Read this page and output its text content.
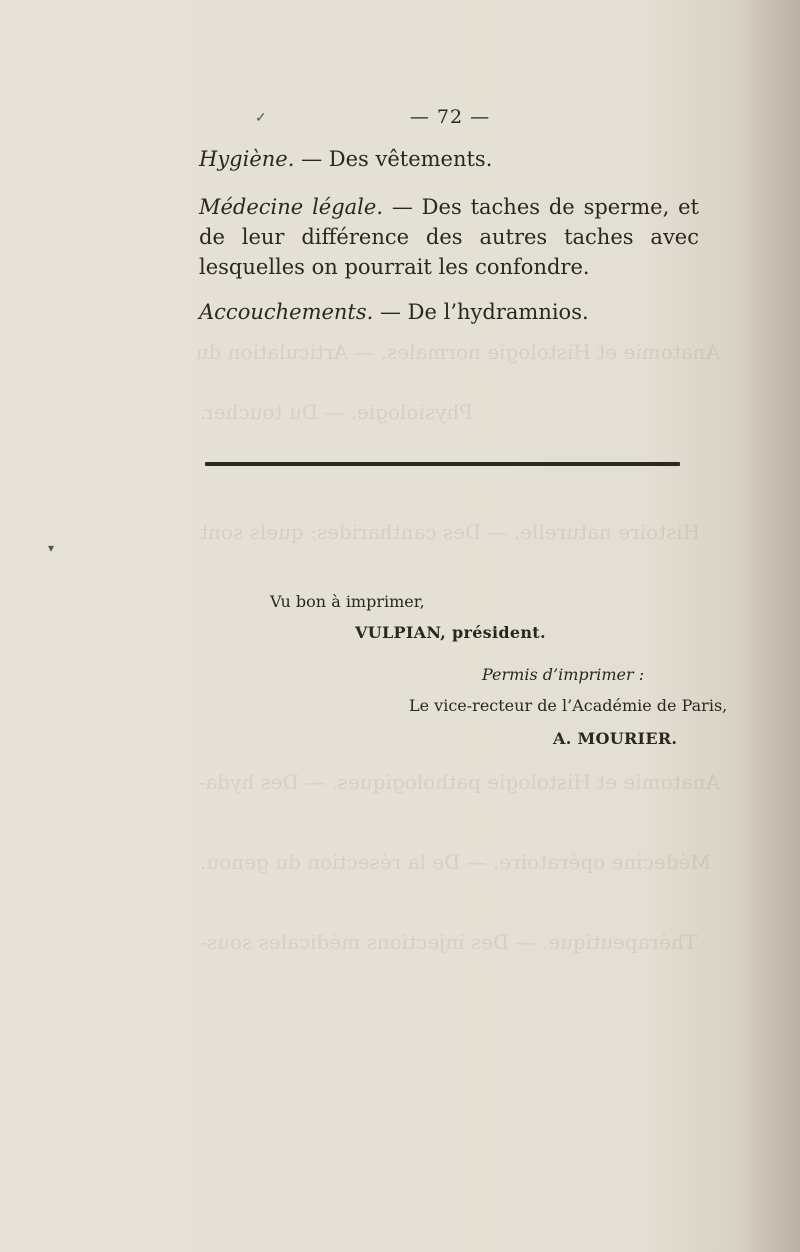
Anatomie et Histologie normales. — Articulation du
Physiologie. — Du toucher.
Histoire naturelle. — Des cantharides; quels sont
Anatomie et Histologie pathologiques. — Des hyda-
Médecine opératoire. — De la résection du genou.
Thérapeutique. — Des injections médicales sous-
✓
▾
— 72 —
Hygiène. — Des vêtements.
Médecine légale. — Des taches de sperme, et de leur différence des autres taches avec lesquelles on pourrait les confondre.
Accouchements. — De l’hydramnios.
Vu bon à imprimer,
VULPIAN, président.
Permis d’imprimer :
Le vice-recteur de l’Académie de Paris,
A. MOURIER.
